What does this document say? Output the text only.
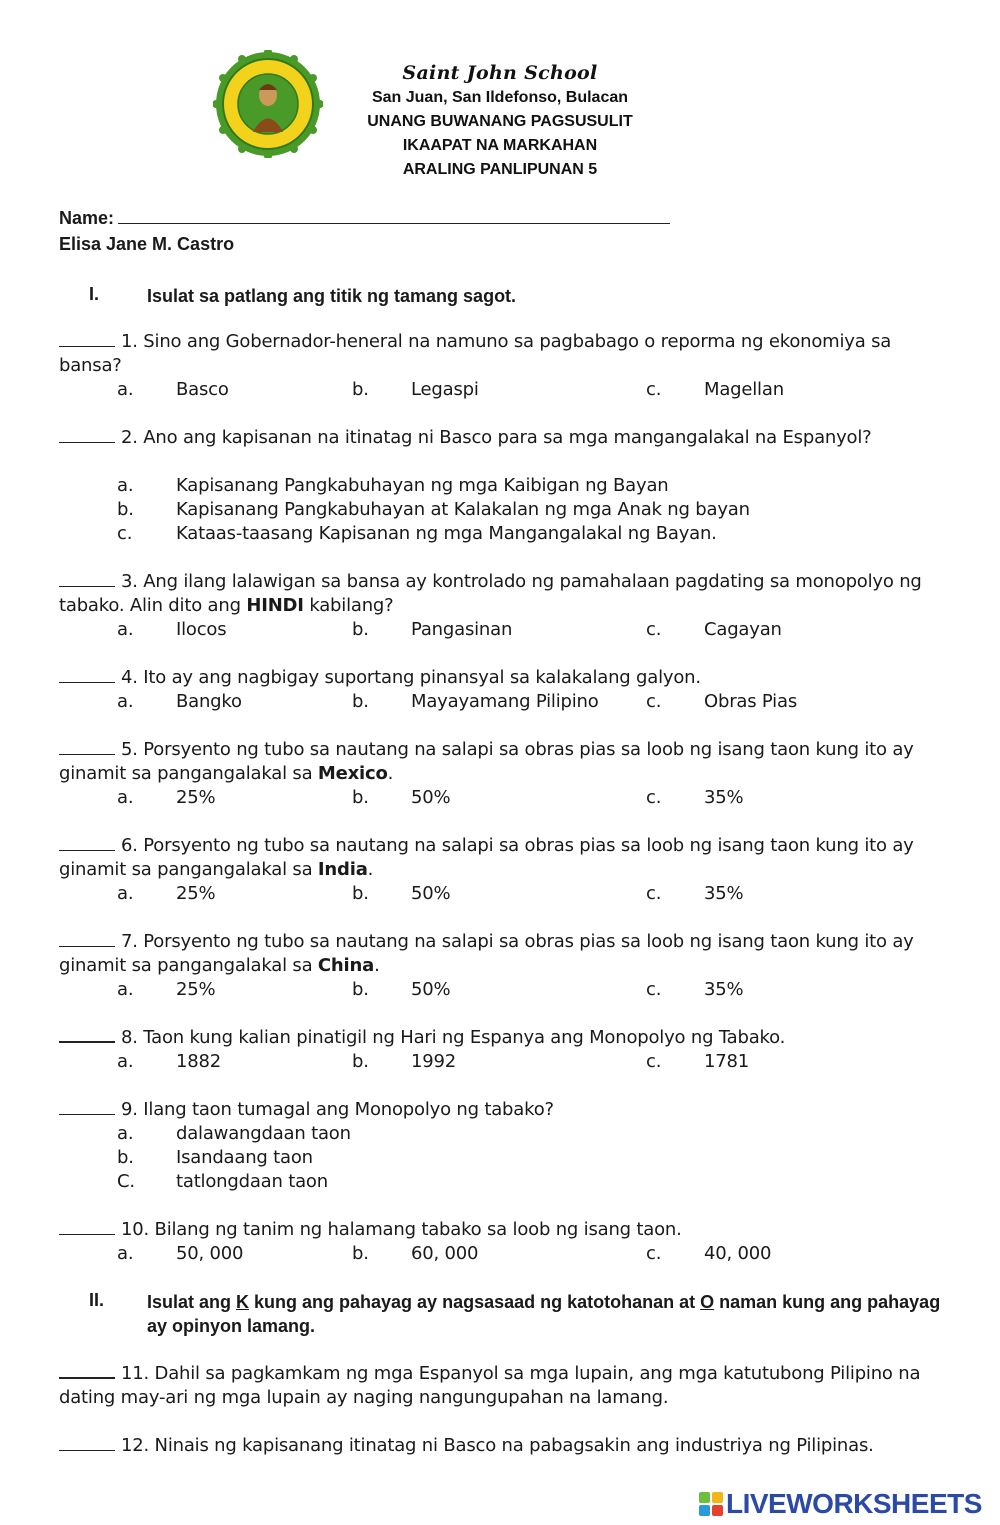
Saint John School
San Juan, San Ildefonso, Bulacan
UNANG BUWANANG PAGSUSULIT
IKAAPAT NA MARKAHAN
ARALING PANLIPUNAN 5
Name:
Elisa Jane M. Castro
I.	Isulat sa patlang ang titik ng tamang sagot.
1. Sino ang Gobernador-heneral na namuno sa pagbabago o reporma ng ekonomiya sa bansa?
a. Basco	b. Legaspi	c. Magellan
2. Ano ang kapisanan na itinatag ni Basco para sa mga mangangalakal na Espanyol?
a. Kapisanang Pangkabuhayan ng mga Kaibigan ng Bayan
b. Kapisanang Pangkabuhayan at Kalakalan ng mga Anak ng bayan
c. Kataas-taasang Kapisanan ng mga Mangangalakal ng Bayan.
3. Ang ilang lalawigan sa bansa ay kontrolado ng pamahalaan pagdating sa monopolyo ng tabako. Alin dito ang HINDI kabilang?
a. Ilocos	b. Pangasinan	c. Cagayan
4. Ito ay ang nagbigay suportang pinansyal sa kalakalang galyon.
a. Bangko	b. Mayayamang Pilipino	c. Obras Pias
5. Porsyento ng tubo sa nautang na salapi sa obras pias sa loob ng isang taon kung ito ay ginamit sa pangangalakal sa Mexico.
a. 25%	b. 50%	c. 35%
6. Porsyento ng tubo sa nautang na salapi sa obras pias sa loob ng isang taon kung ito ay ginamit sa pangangalakal sa India.
a. 25%	b. 50%	c. 35%
7. Porsyento ng tubo sa nautang na salapi sa obras pias sa loob ng isang taon kung ito ay ginamit sa pangangalakal sa China.
a. 25%	b. 50%	c. 35%
8. Taon kung kalian pinatigil ng Hari ng Espanya ang Monopolyo ng Tabako.
a. 1882	b. 1992	c. 1781
9. Ilang taon tumagal ang Monopolyo ng tabako?
a. dalawangdaan taon
b. Isandaang taon
C. tatlongdaan taon
10. Bilang ng tanim ng halamang tabako sa loob ng isang taon.
a. 50, 000	b. 60, 000	c. 40, 000
II. Isulat ang K kung ang pahayag ay nagsasaad ng katotohanan at O naman kung ang pahayag ay opinyon lamang.
11. Dahil sa pagkamkam ng mga Espanyol sa mga lupain, ang mga katutubong Pilipino na dating may-ari ng mga lupain ay naging nangungupahan na lamang.
12. Ninais ng kapisanang itinatag ni Basco na pabagsakin ang industriya ng Pilipinas.
LIVEWORKSHEETS
